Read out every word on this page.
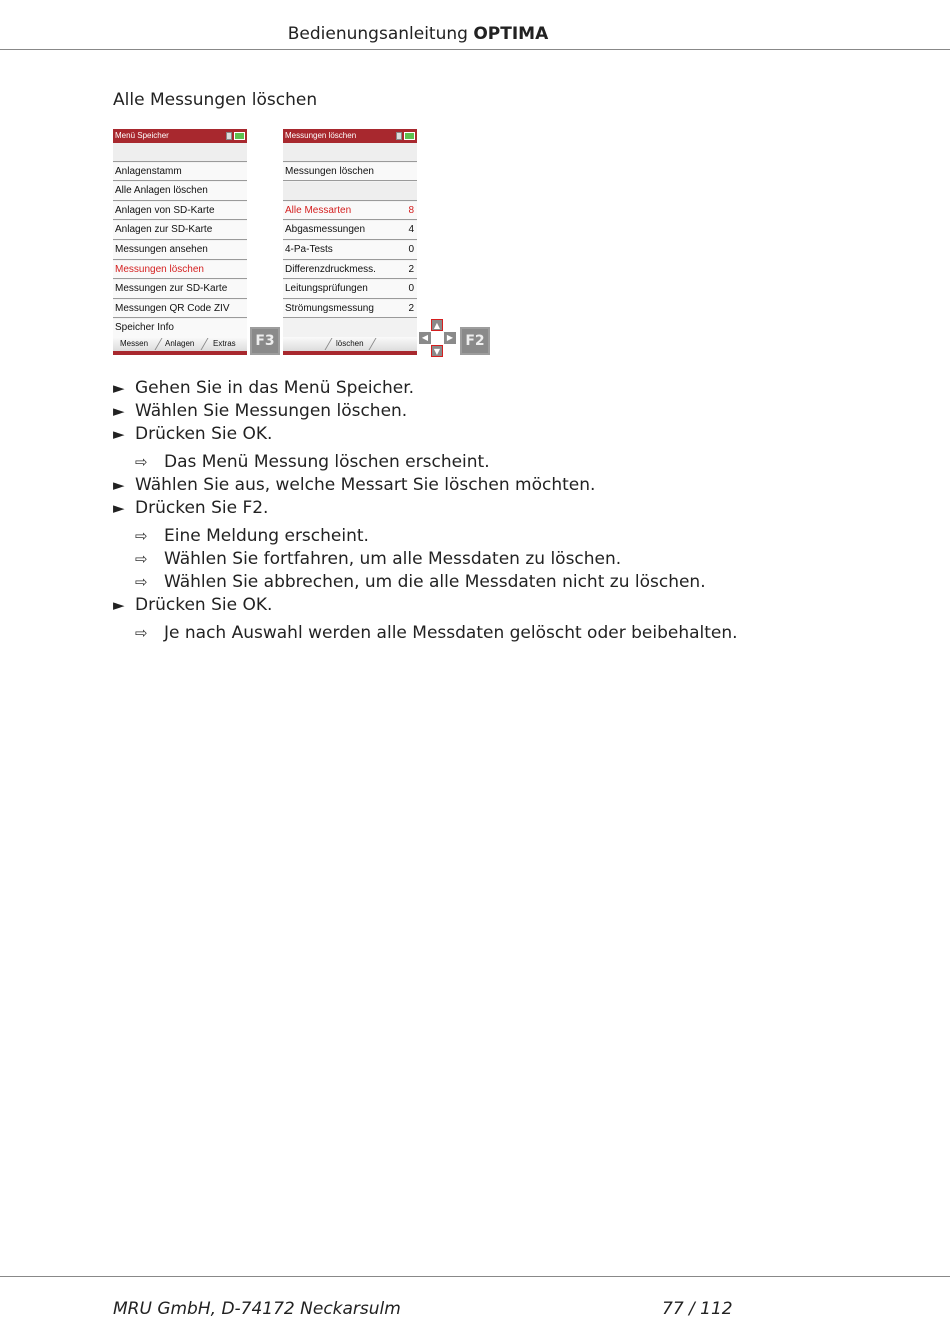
Bedienungsanleitung OPTIMA
Alle Messungen löschen
Menü Speicher
Anlagenstamm
Alle Anlagen löschen
Anlagen von SD-Karte
Anlagen zur SD-Karte
Messungen ansehen
Messungen löschen
Messungen zur SD-Karte
Messungen QR Code ZIV
Speicher Info
Messen Anlagen Extras	F3
Messungen löschen
Messungen löschen
Alle Messarten	8
Abgasmessungen	4
4-Pa-Tests	0
Differenzdruckmess.	2
Leitungsprüfungen	0
Strömungsmessung	2
löschen
▲
◀	▶
▼
F2
► Gehen Sie in das Menü Speicher.
► Wählen Sie Messungen löschen.
► Drücken Sie OK.
⇨ Das Menü Messung löschen erscheint.
► Wählen Sie aus, welche Messart Sie löschen möchten.
► Drücken Sie F2.
⇨ Eine Meldung erscheint.
⇨ Wählen Sie fortfahren, um alle Messdaten zu löschen.
⇨ Wählen Sie abbrechen, um die alle Messdaten nicht zu löschen.
► Drücken Sie OK.
⇨ Je nach Auswahl werden alle Messdaten gelöscht oder beibehalten.
MRU GmbH, D-74172 Neckarsulm	77 / 112
